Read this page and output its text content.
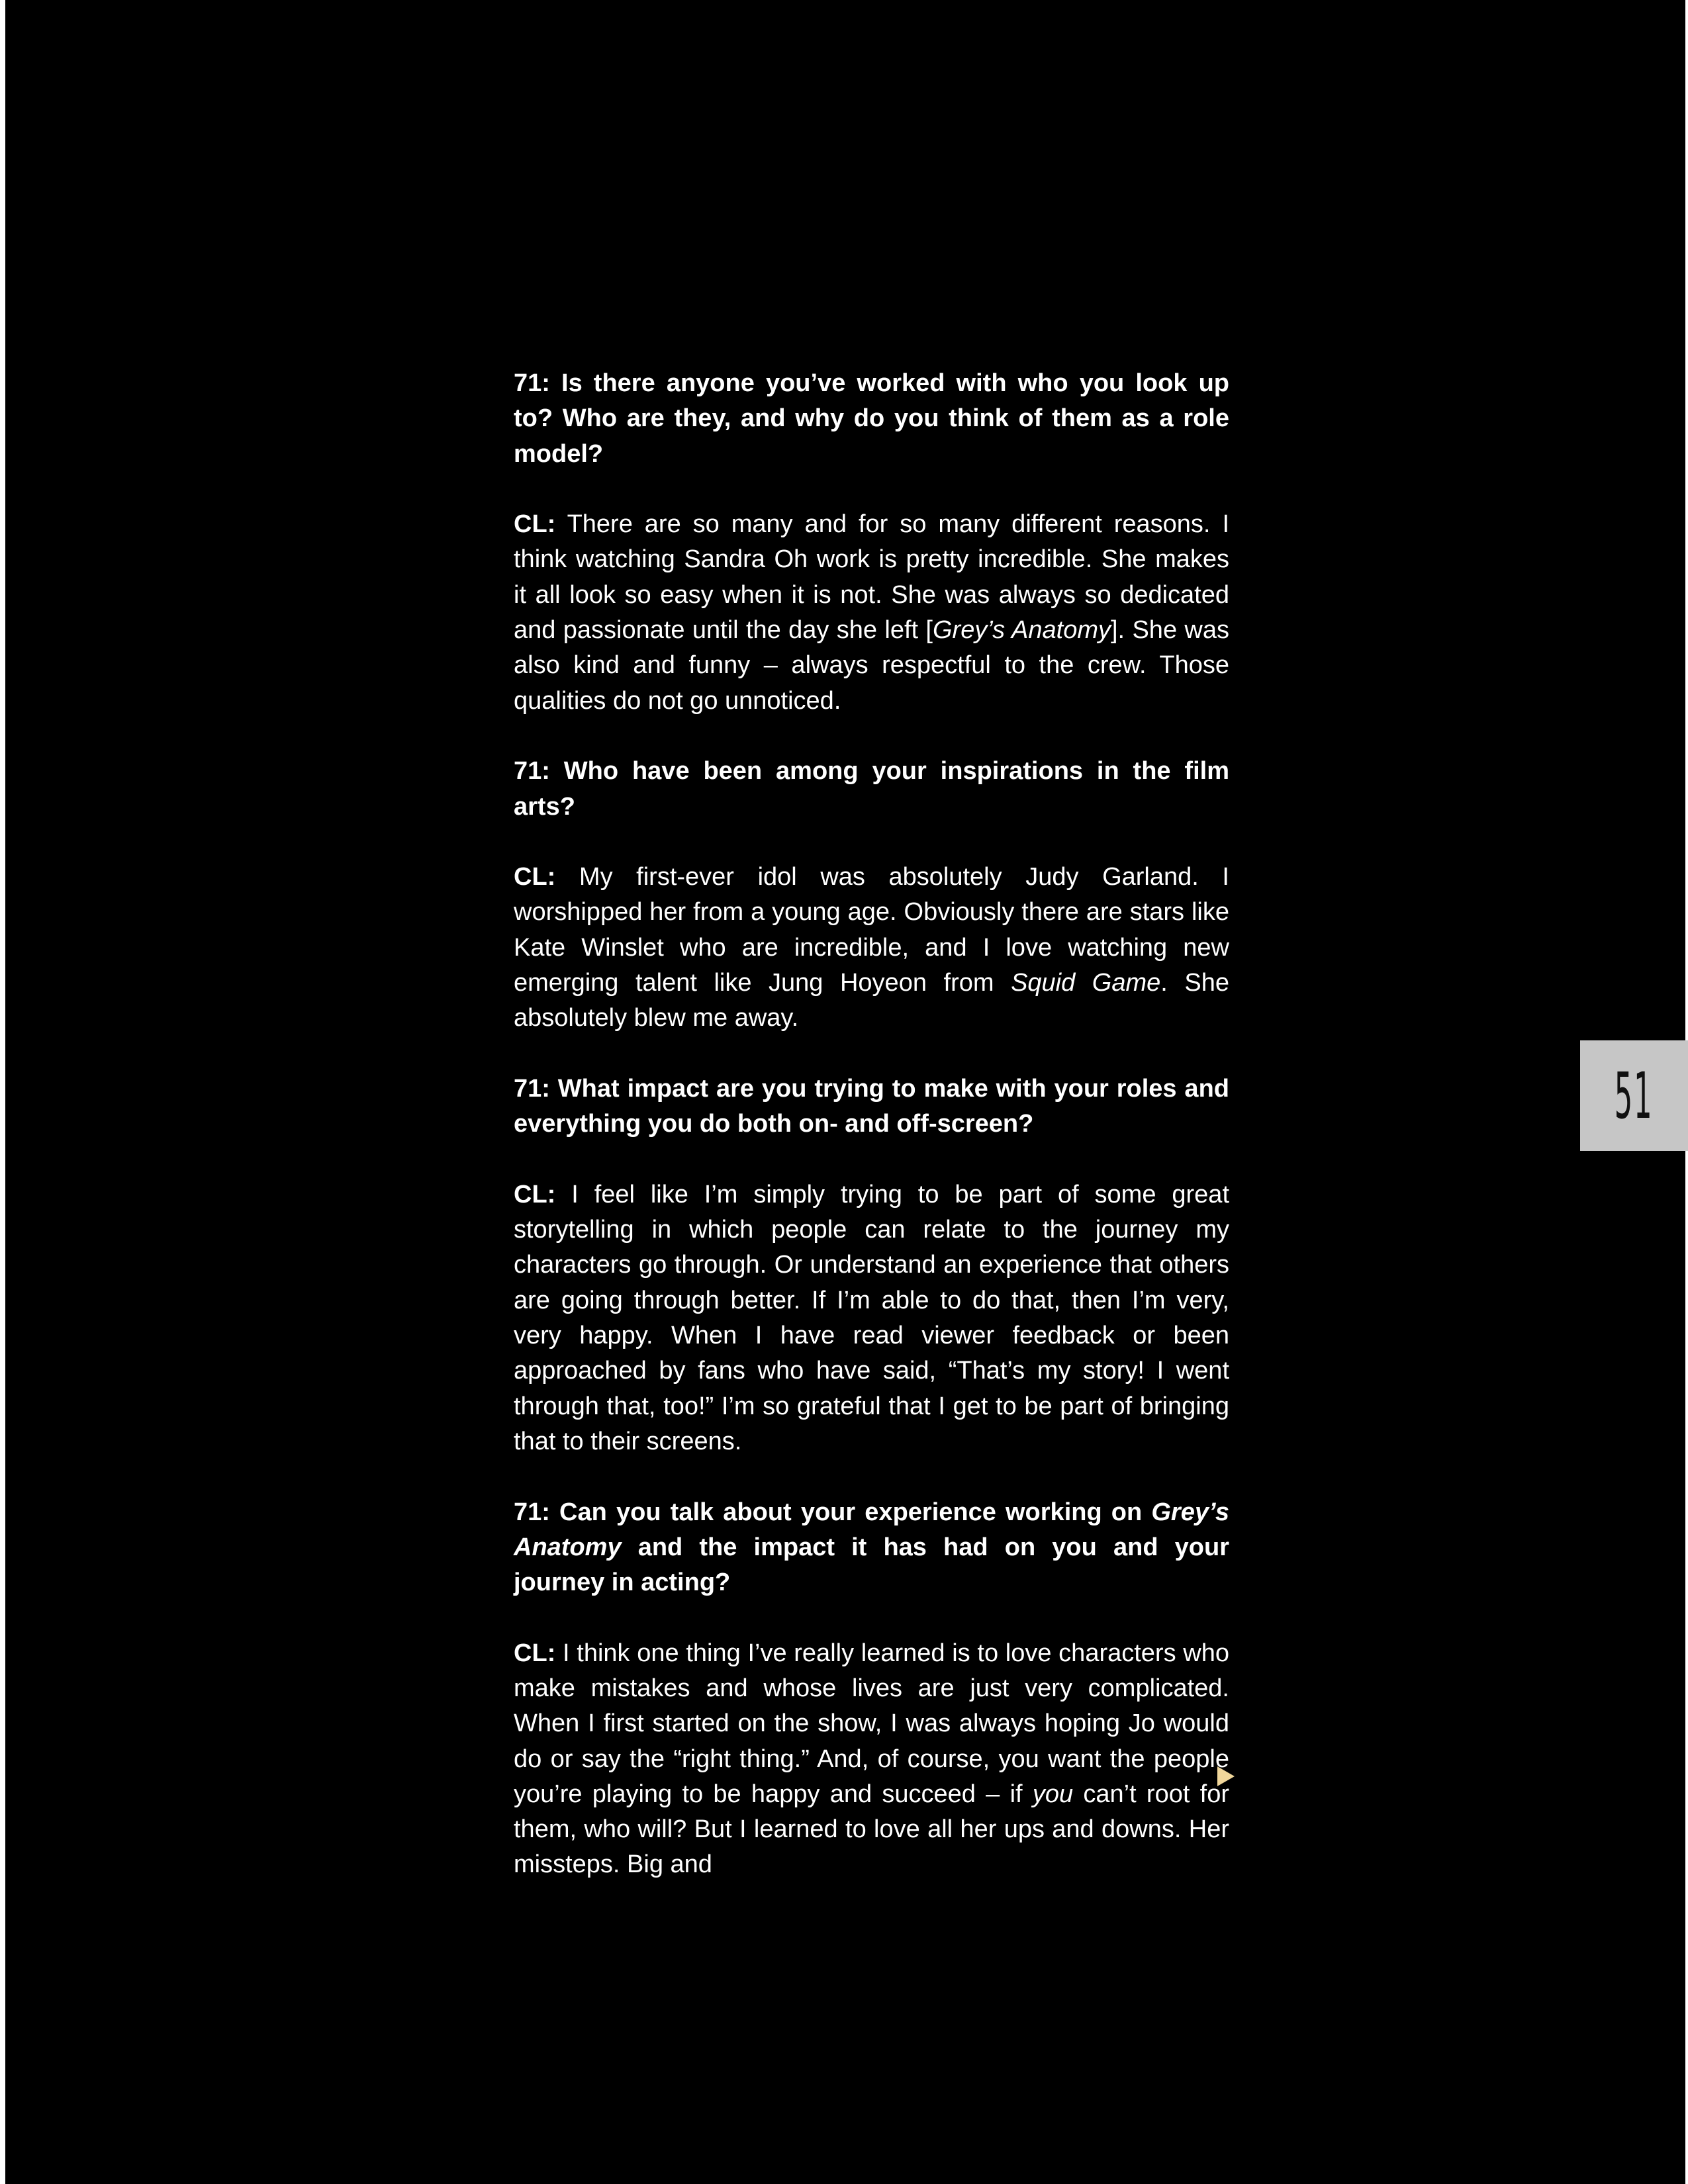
71: Is there anyone you’ve worked with who you look up to? Who are they, and why do you think of them as a role model?

CL: There are so many and for so many different reasons. I think watching Sandra Oh work is pretty incredible. She makes it all look so easy when it is not. She was always so dedicated and passionate until the day she left [Grey’s Anatomy]. She was also kind and funny – always respectful to the crew. Those qualities do not go unnoticed.

71: Who have been among your inspirations in the film arts?

CL: My first-ever idol was absolutely Judy Garland. I worshipped her from a young age. Obviously there are stars like Kate Winslet who are incredible, and I love watching new emerging talent like Jung Hoyeon from Squid Game. She absolutely blew me away.

71: What impact are you trying to make with your roles and everything you do both on- and off-screen?

CL: I feel like I’m simply trying to be part of some great storytelling in which people can relate to the journey my characters go through. Or understand an experience that others are going through better. If I’m able to do that, then I’m very, very happy. When I have read viewer feedback or been approached by fans who have said, “That’s my story! I went through that, too!” I’m so grateful that I get to be part of bringing that to their screens.

71: Can you talk about your experience working on Grey’s Anatomy and the impact it has had on you and your journey in acting?

CL: I think one thing I’ve really learned is to love characters who make mistakes and whose lives are just very complicated. When I first started on the show, I was always hoping Jo would do or say the “right thing.” And, of course, you want the people you’re playing to be happy and succeed – if you can’t root for them, who will? But I learned to love all her ups and downs. Her missteps. Big and

51
